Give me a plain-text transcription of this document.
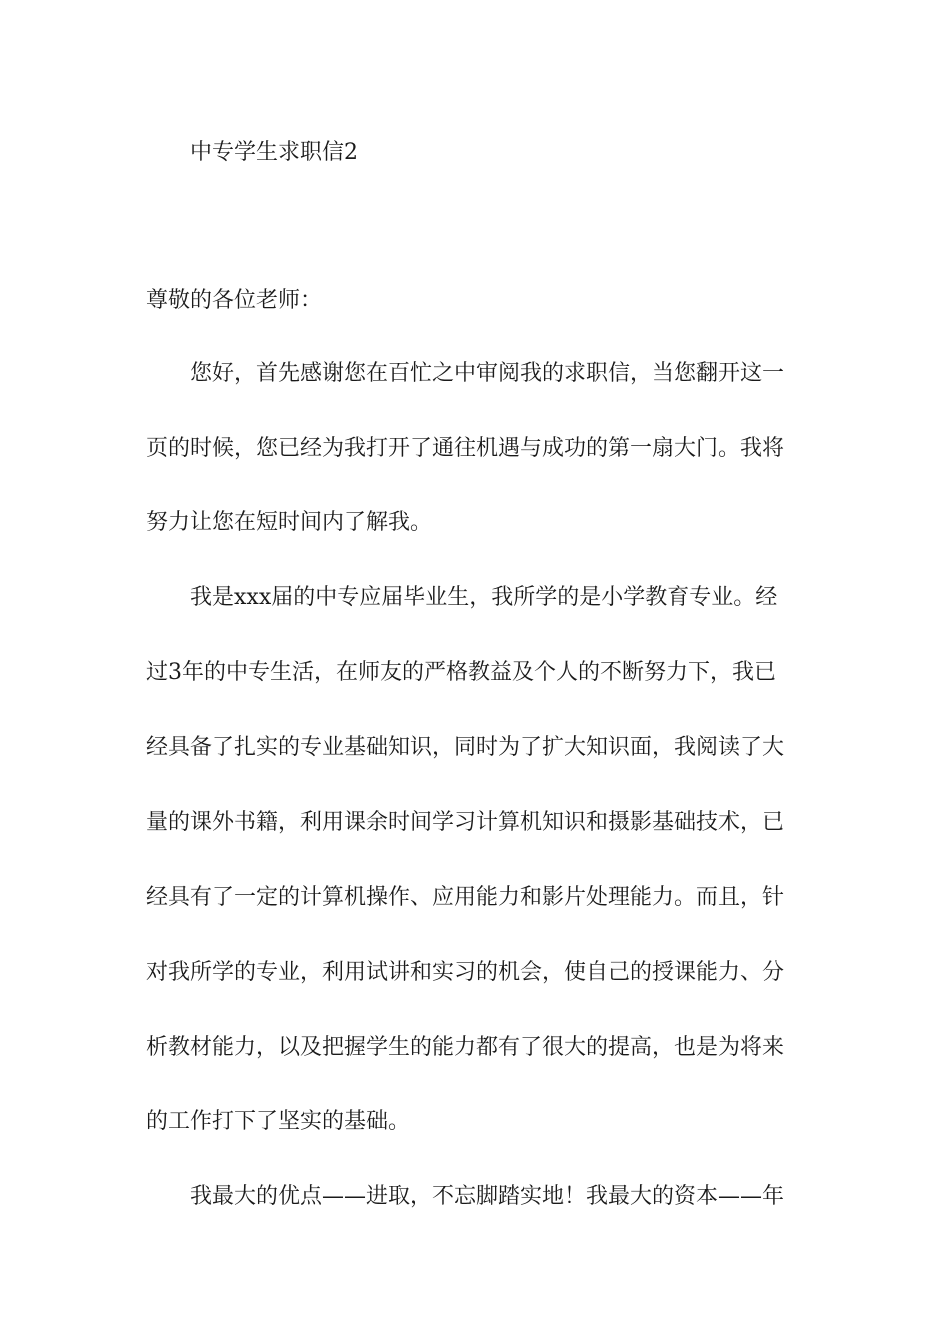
中专学生求职信2
尊敬的各位老师：
您好，首先感谢您在百忙之中审阅我的求职信，当您翻开这一
页的时候，您已经为我打开了通往机遇与成功的第一扇大门。我将
努力让您在短时间内了解我。
我是xxx届的中专应届毕业生，我所学的是小学教育专业。经
过3年的中专生活，在师友的严格教益及个人的不断努力下，我已
经具备了扎实的专业基础知识，同时为了扩大知识面，我阅读了大
量的课外书籍，利用课余时间学习计算机知识和摄影基础技术，已
经具有了一定的计算机操作、应用能力和影片处理能力。而且，针
对我所学的专业，利用试讲和实习的机会，使自己的授课能力、分
析教材能力，以及把握学生的能力都有了很大的提高，也是为将来
的工作打下了坚实的基础。
我最大的优点——进取，不忘脚踏实地！我最大的资本——年
